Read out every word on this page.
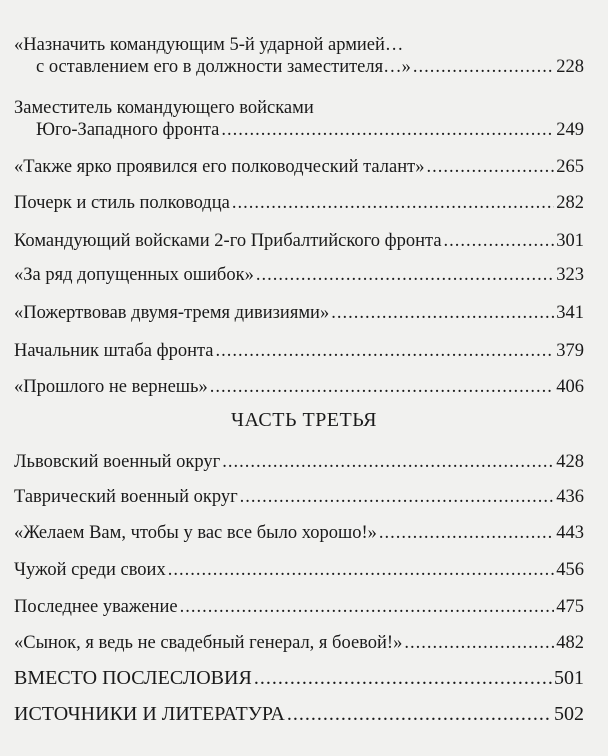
«Назначить командующим 5-й ударной армией…
с оставлением его в должности заместителя…» .....	228
Заместитель командующего войсками
Юго-Западного фронта .....	249
«Также ярко проявился его полководческий талант» .....	265
Почерк и стиль полководца .....	282
Командующий войсками 2-го Прибалтийского фронта .....	301
«За ряд допущенных ошибок» .....	323
«Пожертвовав двумя-тремя дивизиями» .....	341
Начальник штаба фронта .....	379
«Прошлого не вернешь» .....	406
ЧАСТЬ ТРЕТЬЯ
Львовский военный округ .....	428
Таврический военный округ .....	436
«Желаем Вам, чтобы у вас все было хорошо!» .....	443
Чужой среди своих .....	456
Последнее уважение .....	475
«Сынок, я ведь не свадебный генерал, я боевой!» .....	482
ВМЕСТО ПОСЛЕСЛОВИЯ .....	501
ИСТОЧНИКИ И ЛИТЕРАТУРА .....	502
